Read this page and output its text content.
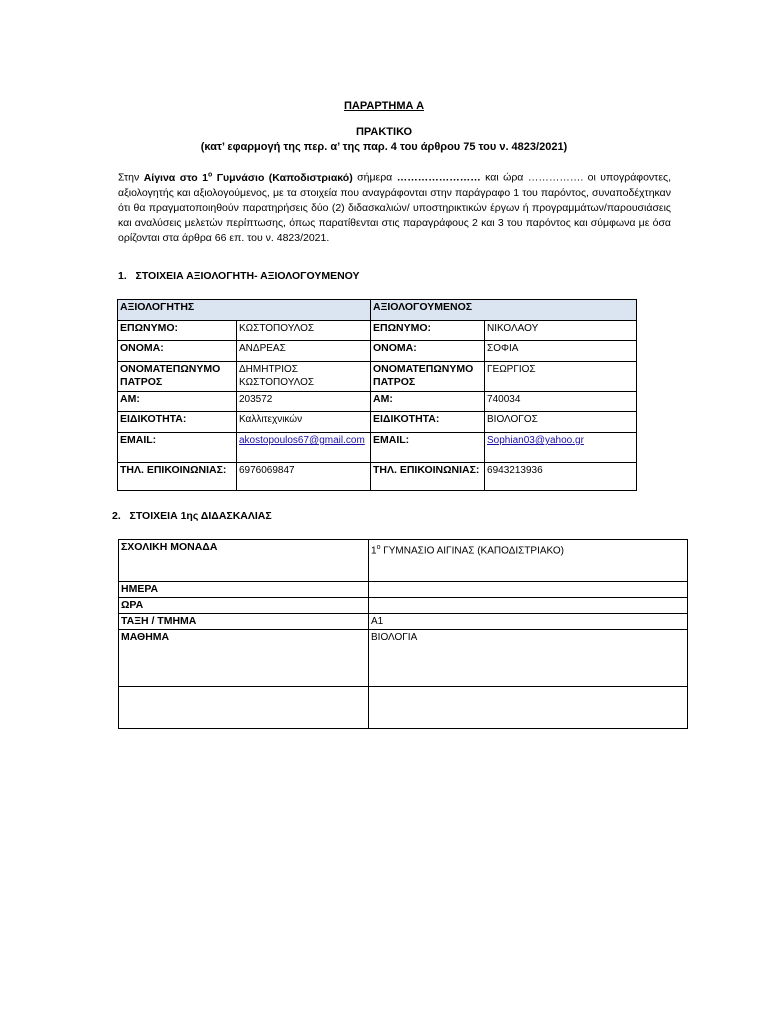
ΠΑΡΑΡΤΗΜΑ Α
ΠΡΑΚΤΙΚΟ
(κατ’ εφαρμογή της περ. α’ της παρ. 4 του άρθρου 75 του ν. 4823/2021)
Στην Αίγινα στο $1^o$ Γυμνάσιο (Καποδιστριακό) σήμερα …………………… και ώρα ……………. οι υπογράφοντες, αξιολογητής και αξιολογούμενος, με τα στοιχεία που αναγράφονται στην παράγραφο 1 του παρόντος, συναποδέχτηκαν ότι θα πραγματοποιηθούν παρατηρήσεις δύο (2) διδασκαλιών/ υποστηρικτικών έργων ή προγραμμάτων/παρουσιάσεις και αναλύσεις μελετών περίπτωσης, όπως παρατίθενται στις παραγράφους 2 και 3 του παρόντος και σύμφωνα με όσα ορίζονται στα άρθρα 66 επ. του ν. 4823/2021.
1. ΣΤΟΙΧΕΙΑ ΑΞΙΟΛΟΓΗΤΗ- ΑΞΙΟΛΟΓΟΥΜΕΝΟΥ
ΑΞΙΟΛΟΓΗΤΗΣ		ΑΞΙΟΛΟΓΟΥΜΕΝΟΣ	
ΕΠΩΝΥΜΟ:	ΚΩΣΤΟΠΟΥΛΟΣ	ΕΠΩΝΥΜΟ:	ΝΙΚΟΛΑΟΥ
ΟΝΟΜΑ:	ΑΝΔΡΕΑΣ	ΟΝΟΜΑ:	ΣΟΦΙΑ
ΟΝΟΜΑΤΕΠΩΝΥΜΟ ΠΑΤΡΟΣ	ΔΗΜΗΤΡΙΟΣ ΚΩΣΤΟΠΟΥΛΟΣ	ΟΝΟΜΑΤΕΠΩΝΥΜΟ ΠΑΤΡΟΣ	ΓΕΩΡΓΙΟΣ
ΑΜ:	203572	ΑΜ:	740034
ΕΙΔΙΚΟΤΗΤΑ:	Καλλιτεχνικών	ΕΙΔΙΚΟΤΗΤΑ:	ΒΙΟΛΟΓΟΣ
EMAIL:	akostopoulos67@gmail.com	EMAIL:	Sophian03@yahoo.gr
ΤΗΛ. ΕΠΙΚΟΙΝΩΝΙΑΣ:	6976069847	ΤΗΛ. ΕΠΙΚΟΙΝΩΝΙΑΣ:	6943213936
2. ΣΤΟΙΧΕΙΑ 1ης ΔΙΔΑΣΚΑΛΙΑΣ
ΣΧΟΛΙΚΗ ΜΟΝΑΔΑ	$1^o$ ΓΥΜΝΑΣΙΟ ΑΙΓΙΝΑΣ (ΚΑΠΟΔΙΣΤΡΙΑΚΟ)
ΗΜΕΡΑ	
ΩΡΑ	
ΤΑΞΗ / ΤΜΗΜΑ	Α1
ΜΑΘΗΜΑ	ΒΙΟΛΟΓΙΑ
